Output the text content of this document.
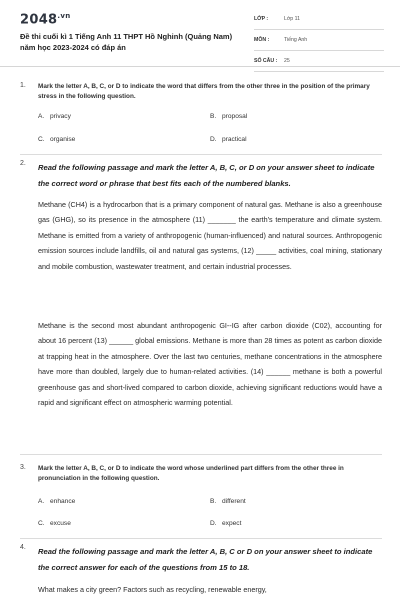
$2048^{.vn}$
Đề thi cuối kì 1 Tiếng Anh 11 THPT Hồ Nghinh (Quảng Nam) năm học 2023-2024 có đáp án
LỚP :	Lớp 11
MÔN :	Tiếng Anh
SỐ CÂU : 25
1. Mark the letter A, B, C, or D to indicate the word that differs from the other three in the position of the primary stress in the following question.
A. privacy	B. proposal
C. organise	D. practical
2. Read the following passage and mark the letter A, B, C, or D on your answer sheet to indicate the correct word or phrase that best fits each of the numbered blanks.
Methane (CH4) is a hydrocarbon that is a primary component of natural gas. Methane is also a greenhouse gas (GHG), so its presence in the atmosphere (11) _______ the earth's temperature and climate system. Methane is emitted from a variety of anthropogenic (human-influenced) and natural sources. Anthropogenic emission sources include landfills, oil and natural gas systems, (12) _____ activities, coal mining, stationary and mobile combustion, wastewater treatment, and certain industrial processes.
Methane is the second most abundant anthropogenic GI--IG after carbon dioxide (C02), accounting for about 16 percent (13) ______ global emissions. Methane is more than 28 times as potent as carbon dioxide at trapping heat in the atmosphere. Over the last two centuries, methane concentrations in the atmosphere have more than doubled, largely due to human-related activities. (14) ______ methane is both a powerful greenhouse gas and short-lived compared to carbon dioxide, achieving significant reductions would have a rapid and significant effect on atmospheric warming potential.
3. Mark the letter A, B, C, or D to indicate the word whose underlined part differs from the other three in pronunciation in the following question.
A. enhance	B. different
C. excuse	D. expect
4. Read the following passage and mark the letter A, B, C or D on your answer sheet to indicate the correct answer for each of the questions from 15 to 18.
What makes a city green? Factors such as recycling, renewable energy,
